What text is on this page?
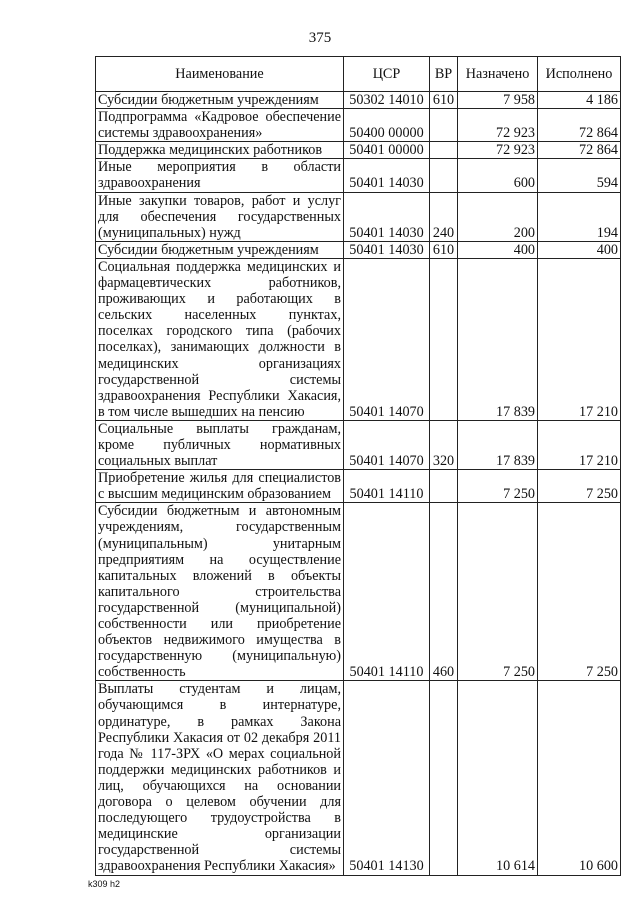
375
Наименование	ЦСР	ВР	Назначено	Исполнено
Субсидии бюджетным учреждениям	50302 14010	610	7 958	4 186
Подпрограмма «Кадровое обеспечение системы здравоохранения»	50400 00000		72 923	72 864
Поддержка медицинских работников	50401 00000		72 923	72 864
Иные мероприятия в области здравоохранения	50401 14030		600	594
Иные закупки товаров, работ и услуг для обеспечения государственных (муниципальных) нужд	50401 14030	240	200	194
Субсидии бюджетным учреждениям	50401 14030	610	400	400
Социальная поддержка медицинских и фармацевтических работников, проживающих и работающих в сельских населенных пунктах, поселках городского типа (рабочих поселках), занимающих должности в медицинских организациях государственной системы здравоохранения Республики Хакасия, в том числе вышедших на пенсию	50401 14070		17 839	17 210
Социальные выплаты гражданам, кроме публичных нормативных социальных выплат	50401 14070	320	17 839	17 210
Приобретение жилья для специалистов с высшим медицинским образованием	50401 14110		7 250	7 250
Субсидии бюджетным и автономным учреждениям, государственным (муниципальным) унитарным предприятиям на осуществление капитальных вложений в объекты капитального строительства государственной (муниципальной) собственности или приобретение объектов недвижимого имущества в государственную (муниципальную) собственность	50401 14110	460	7 250	7 250
Выплаты студентам и лицам, обучающимся в интернатуре, ординатуре, в рамках Закона Республики Хакасия от 02 декабря 2011 года № 117-ЗРХ «О мерах социальной поддержки медицинских работников и лиц, обучающихся на основании договора о целевом обучении для последующего трудоустройства в медицинские организации государственной системы здравоохранения Республики Хакасия»	50401 14130		10 614	10 600
k309 h2
